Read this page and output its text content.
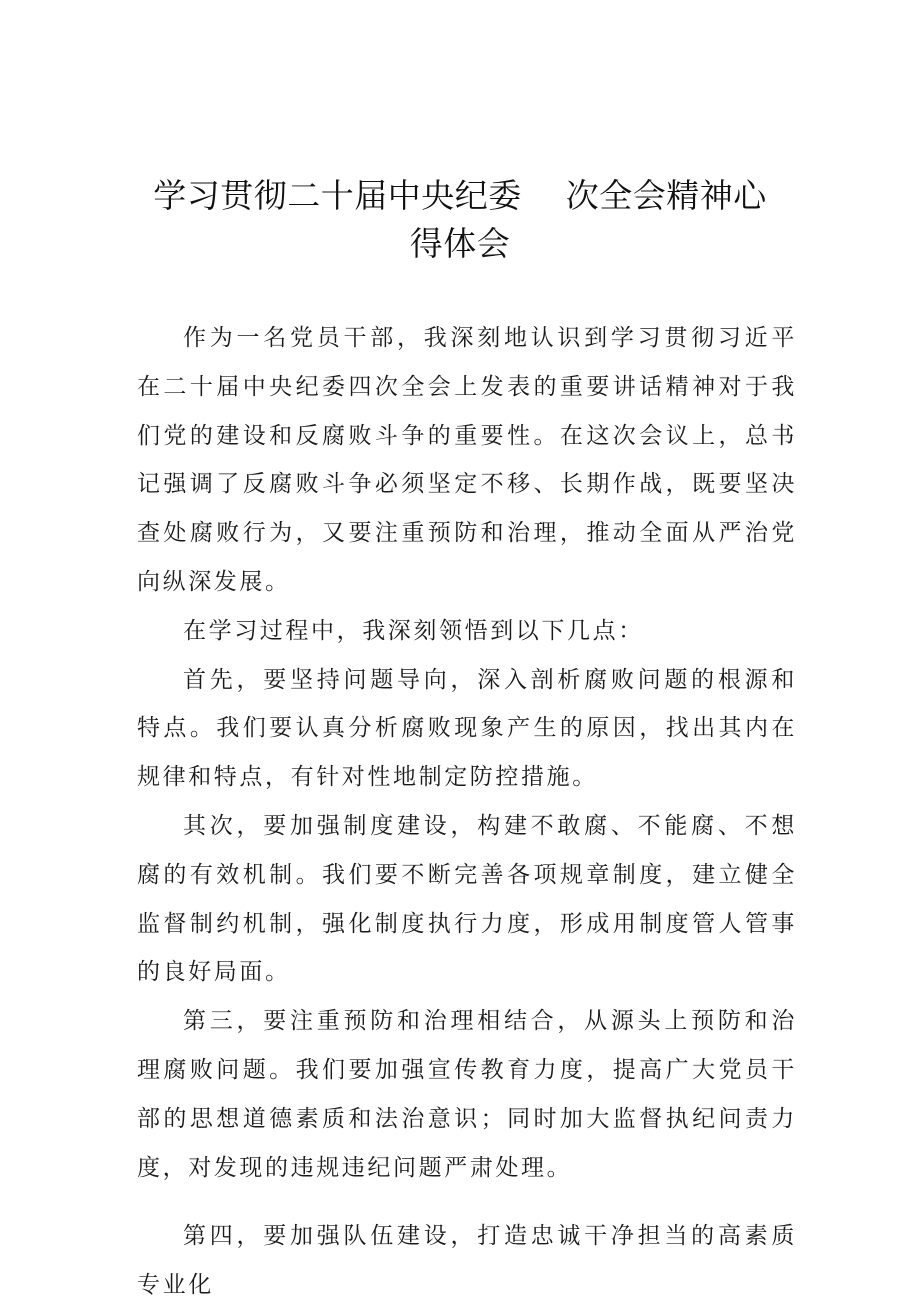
学习贯彻二十届中央纪委 次全会精神心
得体会

作为一名党员干部，我深刻地认识到学习贯彻习近平在二十届中央纪委四次全会上发表的重要讲话精神对于我们党的建设和反腐败斗争的重要性。在这次会议上，总书记强调了反腐败斗争必须坚定不移、长期作战，既要坚决查处腐败行为，又要注重预防和治理，推动全面从严治党向纵深发展。

在学习过程中，我深刻领悟到以下几点：

首先，要坚持问题导向，深入剖析腐败问题的根源和特点。我们要认真分析腐败现象产生的原因，找出其内在规律和特点，有针对性地制定防控措施。

其次，要加强制度建设，构建不敢腐、不能腐、不想腐的有效机制。我们要不断完善各项规章制度，建立健全监督制约机制，强化制度执行力度，形成用制度管人管事的良好局面。

第三，要注重预防和治理相结合，从源头上预防和治理腐败问题。我们要加强宣传教育力度，提高广大党员干部的思想道德素质和法治意识；同时加大监督执纪问责力度，对发现的违规违纪问题严肃处理。

第四，要加强队伍建设，打造忠诚干净担当的高素质专业化
